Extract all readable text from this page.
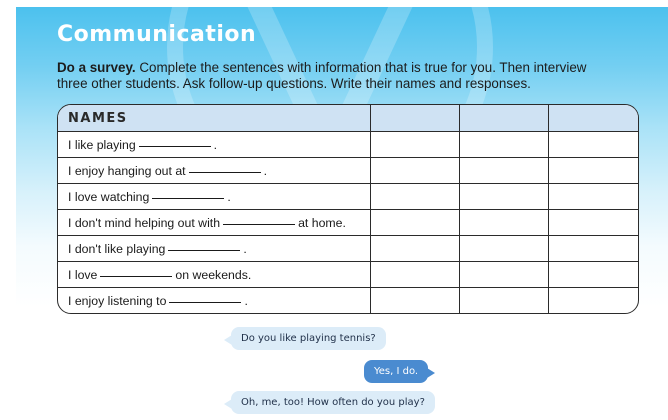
Communication

Do a survey. Complete the sentences with information that is true for you. Then interview three other students. Ask follow-up questions. Write their names and responses.

NAMES			
I like playing .			
I enjoy hanging out at .			
I love watching .			
I don't mind helping out with at home.			
I don't like playing .			
I love on weekends.			
I enjoy listening to .			
Do you like playing tennis?
Yes, I do.
Oh, me, too! How often do you play?
